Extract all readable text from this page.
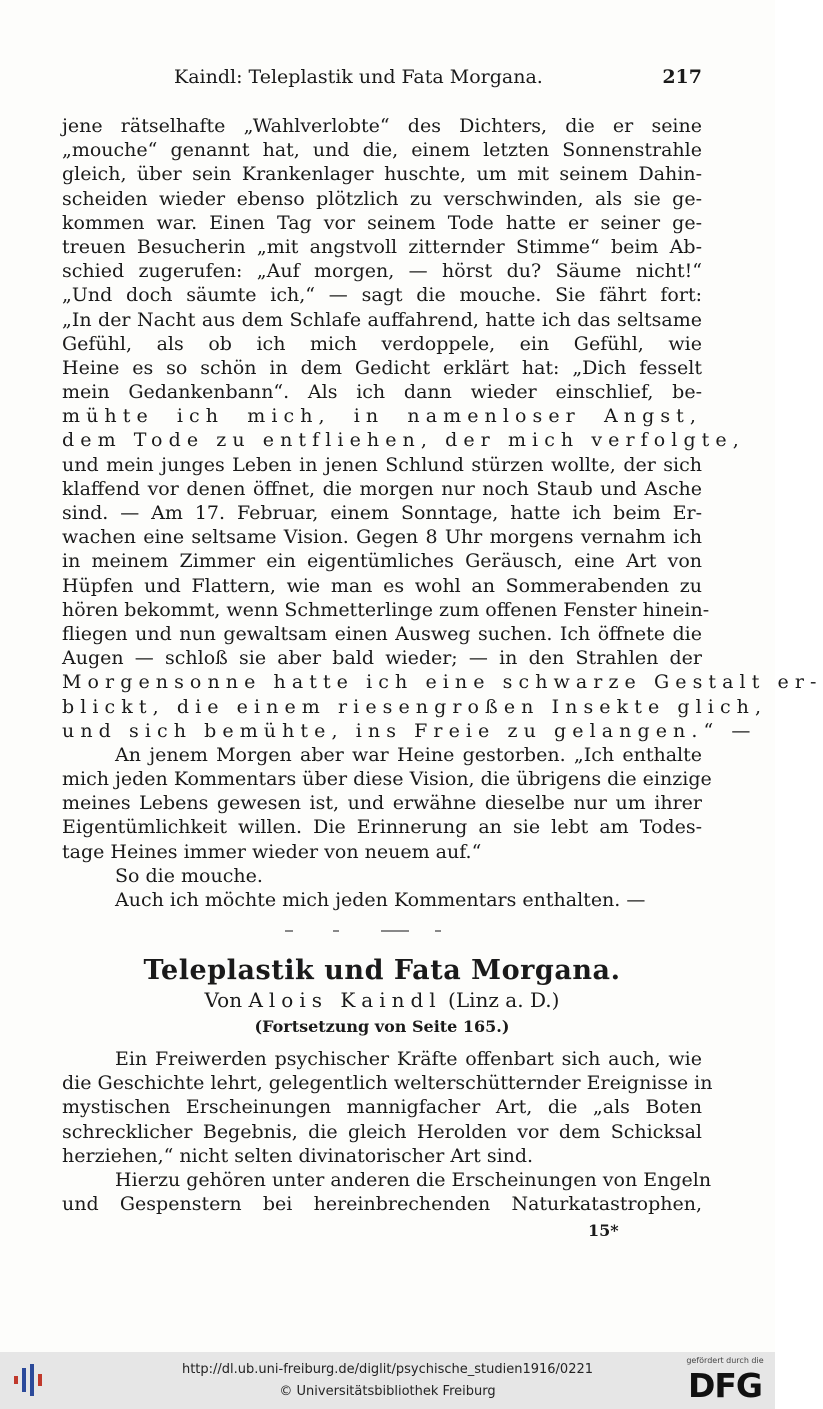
Kaindl: Teleplastik und Fata Morgana.	217
jene rätselhafte „Wahlverlobte“ des Dichters, die er seine
„mouche“ genannt hat, und die, einem letzten Sonnenstrahle
gleich, über sein Krankenlager huschte, um mit seinem Dahin-
scheiden wieder ebenso plötzlich zu verschwinden, als sie ge-
kommen war. Einen Tag vor seinem Tode hatte er seiner ge-
treuen Besucherin „mit angstvoll zitternder Stimme“ beim Ab-
schied zugerufen: „Auf morgen, — hörst du? Säume nicht!“
„Und doch säumte ich,“ — sagt die mouche. Sie fährt fort:
„In der Nacht aus dem Schlafe auffahrend, hatte ich das seltsame
Gefühl, als ob ich mich verdoppele, ein Gefühl, wie
Heine es so schön in dem Gedicht erklärt hat: „Dich fesselt
mein Gedankenbann“. Als ich dann wieder einschlief, be-
mühte ich mich, in namenloser Angst,
dem Tode zu entfliehen, der mich verfolgte,
und mein junges Leben in jenen Schlund stürzen wollte, der sich
klaffend vor denen öffnet, die morgen nur noch Staub und Asche
sind. — Am 17. Februar, einem Sonntage, hatte ich beim Er-
wachen eine seltsame Vision. Gegen 8 Uhr morgens vernahm ich
in meinem Zimmer ein eigentümliches Geräusch, eine Art von
Hüpfen und Flattern, wie man es wohl an Sommerabenden zu
hören bekommt, wenn Schmetterlinge zum offenen Fenster hinein-
fliegen und nun gewaltsam einen Ausweg suchen. Ich öffnete die
Augen — schloß sie aber bald wieder; — in den Strahlen der
Morgensonne hatte ich eine schwarze Gestalt er-
blickt, die einem riesengroßen Insekte glich,
und sich bemühte, ins Freie zu gelangen.“ —
An jenem Morgen aber war Heine gestorben. „Ich enthalte
mich jeden Kommentars über diese Vision, die übrigens die einzige
meines Lebens gewesen ist, und erwähne dieselbe nur um ihrer
Eigentümlichkeit willen. Die Erinnerung an sie lebt am Todes-
tage Heines immer wieder von neuem auf.“
So die mouche.
Auch ich möchte mich jeden Kommentars enthalten. —
Teleplastik und Fata Morgana.
Von Alois Kaindl (Linz a. D.)
(Fortsetzung von Seite 165.)
Ein Freiwerden psychischer Kräfte offenbart sich auch, wie
die Geschichte lehrt, gelegentlich welterschütternder Ereignisse in
mystischen Erscheinungen mannigfacher Art, die „als Boten
schrecklicher Begebnis, die gleich Herolden vor dem Schicksal
herziehen,“ nicht selten divinatorischer Art sind.
Hierzu gehören unter anderen die Erscheinungen von Engeln
und Gespenstern bei hereinbrechenden Naturkatastrophen,
15*
http://dl.ub.uni-freiburg.de/diglit/psychische_studien1916/0221
© Universitätsbibliothek Freiburg
gefördert durch die
DFG
